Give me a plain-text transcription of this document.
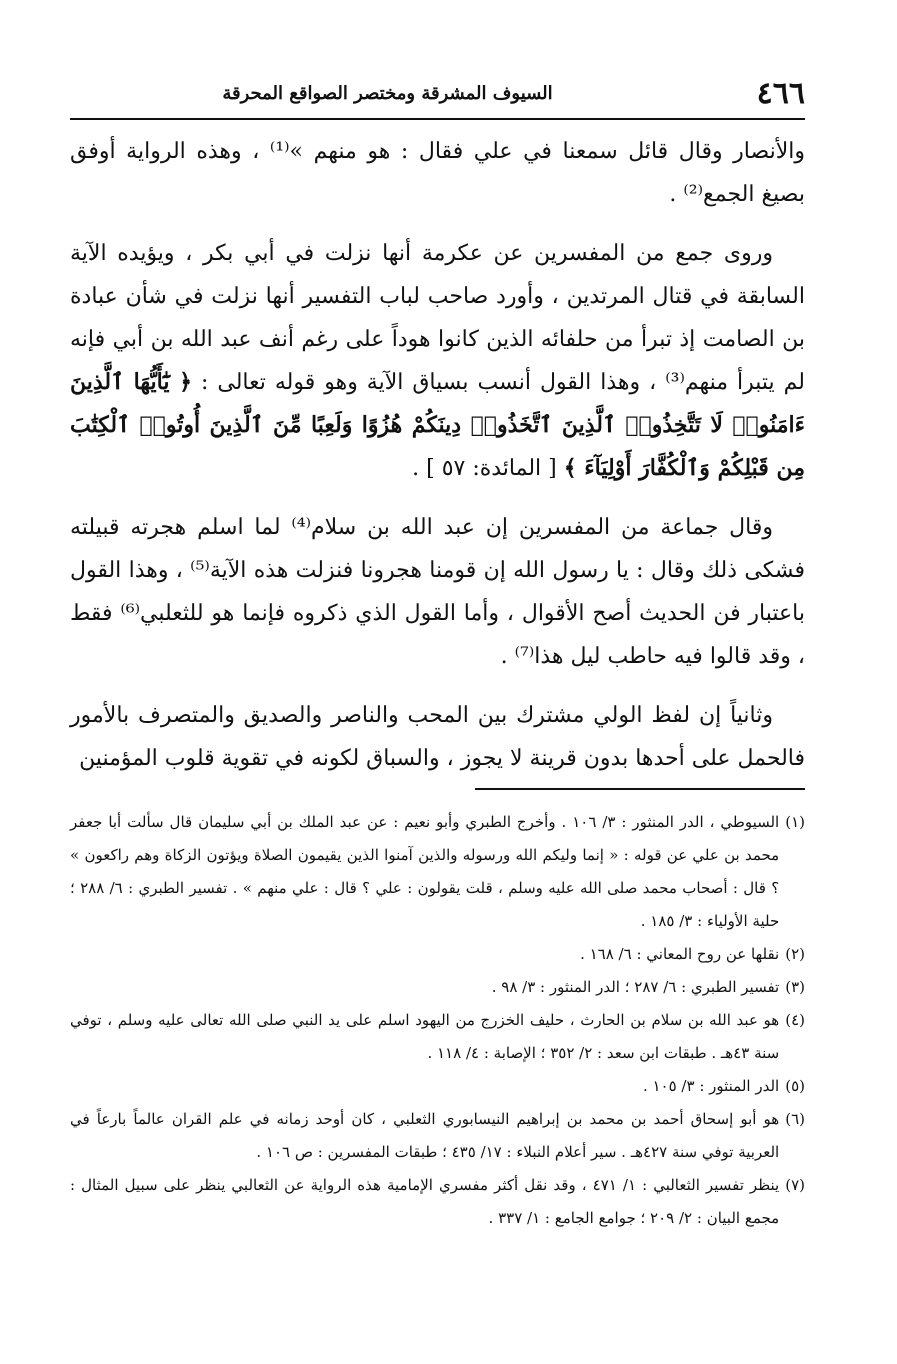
٤٦٦
السيوف المشرقة ومختصر الصواقع المحرقة

والأنصار وقال قائل سمعنا في علي فقال : هو منهم »⁽¹⁾ ، وهذه الرواية أوفق بصيغ الجمع⁽²⁾ .

وروى جمع من المفسرين عن عكرمة أنها نزلت في أبي بكر ، ويؤيده الآية السابقة في قتال المرتدين ، وأورد صاحب لباب التفسير أنها نزلت في شأن عبادة بن الصامت إذ تبرأ من حلفائه الذين كانوا هوداً على رغم أنف عبد الله بن أبي فإنه لم يتبرأ منهم⁽³⁾ ، وهذا القول أنسب بسياق الآية وهو قوله تعالى : ﴿ يَٰٓأَيُّهَا ٱلَّذِينَ ءَامَنُوا۟ لَا تَتَّخِذُوا۟ ٱلَّذِينَ ٱتَّخَذُوا۟ دِينَكُمْ هُزُوًا وَلَعِبًا مِّنَ ٱلَّذِينَ أُوتُوا۟ ٱلْكِتَٰبَ مِن قَبْلِكُمْ وَٱلْكُفَّارَ أَوْلِيَآءَ ﴾ [ المائدة: ٥٧ ] .

وقال جماعة من المفسرين إن عبد الله بن سلام⁽⁴⁾ لما اسلم هجرته قبيلته فشكى ذلك وقال : يا رسول الله إن قومنا هجرونا فنزلت هذه الآية⁽⁵⁾ ، وهذا القول باعتبار فن الحديث أصح الأقوال ، وأما القول الذي ذكروه فإنما هو للثعلبي⁽⁶⁾ فقط ، وقد قالوا فيه حاطب ليل هذا⁽⁷⁾ .

وثانياً إن لفظ الولي مشترك بين المحب والناصر والصديق والمتصرف بالأمور فالحمل على أحدها بدون قرينة لا يجوز ، والسباق لكونه في تقوية قلوب المؤمنين

(١)
السيوطي ، الدر المنثور : ٣/ ١٠٦ . وأخرج الطبري وأبو نعيم : عن عبد الملك بن أبي سليمان قال سألت أبا جعفر محمد بن علي عن قوله : « إنما وليكم الله ورسوله والذين آمنوا الذين يقيمون الصلاة ويؤتون الزكاة وهم راكعون » ؟ قال : أصحاب محمد صلى الله عليه وسلم ، قلت يقولون : علي ؟ قال : علي منهم » . تفسير الطبري : ٦/ ٢٨٨ ؛ حلية الأولياء : ٣/ ١٨٥ .
(٢)
نقلها عن روح المعاني : ٦/ ١٦٨ .
(٣)
تفسير الطبري : ٦/ ٢٨٧ ؛ الدر المنثور : ٣/ ٩٨ .
(٤)
هو عبد الله بن سلام بن الحارث ، حليف الخزرج من اليهود اسلم على يد النبي صلى الله تعالى عليه وسلم ، توفي سنة ٤٣هـ . طبقات ابن سعد : ٢/ ٣٥٢ ؛ الإصابة : ٤/ ١١٨ .
(٥)
الدر المنثور : ٣/ ١٠٥ .
(٦)
هو أبو إسحاق أحمد بن محمد بن إبراهيم النيسابوري الثعلبي ، كان أوحد زمانه في علم القران عالماً بارعاً في العربية توفي سنة ٤٢٧هـ . سير أعلام النبلاء : ١٧/ ٤٣٥ ؛ طبقات المفسرين : ص ١٠٦ .
(٧)
ينظر تفسير الثعالبي : ١/ ٤٧١ ، وقد نقل أكثر مفسري الإمامية هذه الرواية عن الثعالبي ينظر على سبيل المثال : مجمع البيان : ٢/ ٢٠٩ ؛ جوامع الجامع : ١/ ٣٣٧ .
